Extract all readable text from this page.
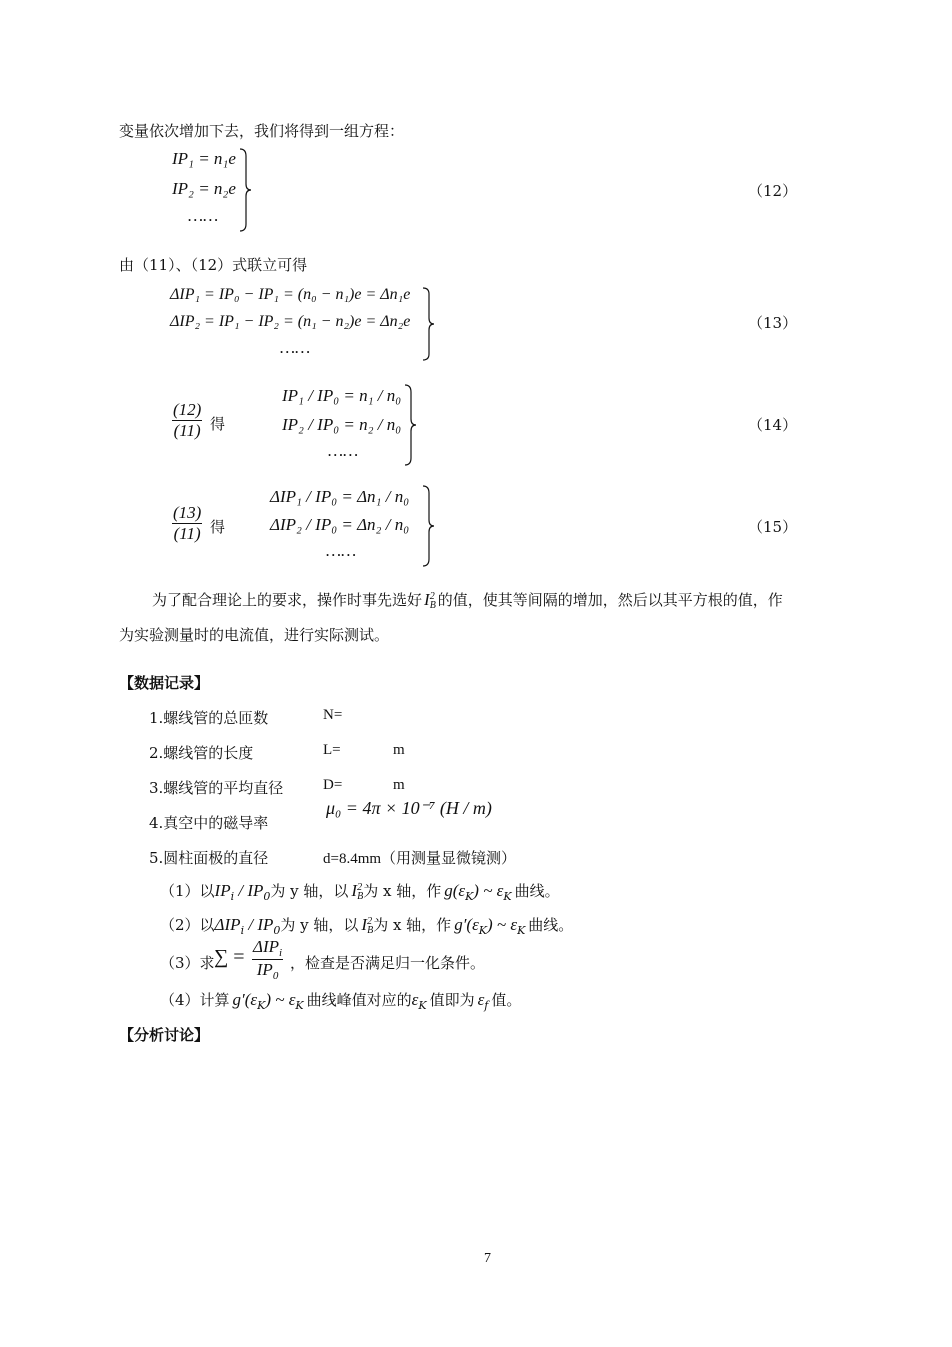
变量依次增加下去，我们将得到一组方程：
IP₁ = n₁e
IP₂ = n₂e
……
（12）
由（11）、（12）式联立可得
ΔIP₁ = IP₀ − IP₁ = (n₀ − n₁)e = Δn₁e
ΔIP₂ = IP₁ − IP₂ = (n₁ − n₂)e = Δn₂e
……
（13）
$\frac{(12)}{(11)}$ 得
IP₁ / IP₀ = n₁ / n₀
IP₂ / IP₀ = n₂ / n₀
……
（14）
$\frac{(13)}{(11)}$ 得
ΔIP₁ / IP₀ = Δn₁ / n₀
ΔIP₂ / IP₀ = Δn₂ / n₀
……
（15）
为了配合理论上的要求，操作时事先选好 I 2
B 的值，使其等间隔的增加，然后以其平方根的值，作
为实验测量时的电流值，进行实际测试。
【数据记录】
1.螺线管的总匝数	N=
2.螺线管的长度	L=	m
3.螺线管的平均直径	D=	m
4.真空中的磁导率
μ₀ = 4π × 10⁻⁷ (H / m)
5.圆柱面极的直径	d=8.4mm（用测量显微镜测）
（1）以$IP_i / IP_0$为 y 轴，以 I 2
B 为 x 轴，作 $g(\varepsilon_K)$ ~ $\varepsilon_K$ 曲线。
（2）以$\Delta IP_i / IP_0$为 y 轴，以 I 2
B 为 x 轴，作 $g'(\varepsilon_K)$ ~ $\varepsilon_K$ 曲线。
（3）求 ∑ = $\Delta IP_i$
$IP_0$
，检查是否满足归一化条件。
（4）计算 $g'(\varepsilon_K)$ ~ $\varepsilon_K$ 曲线峰值对应的$\varepsilon_K$ 值即为 $\varepsilon_f$ 值。
【分析讨论】
7
